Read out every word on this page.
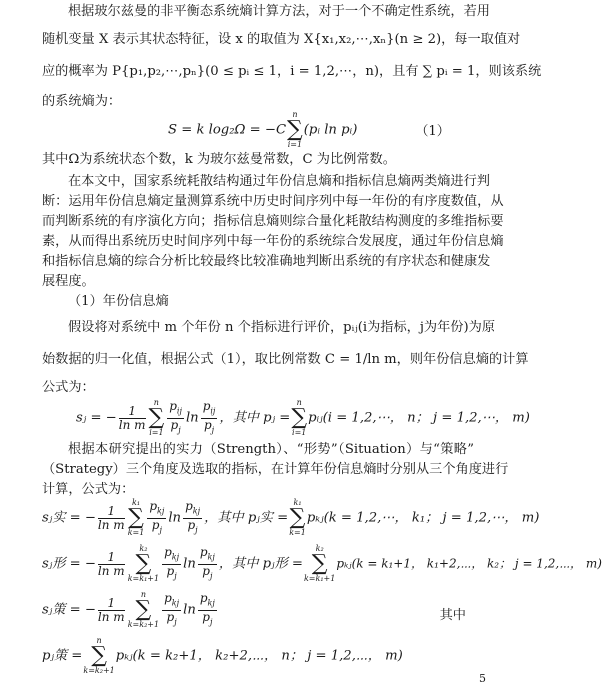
根据玻尔兹曼的非平衡态系统熵计算方法，对于一个不确定性系统，若用
随机变量 X 表示其状态特征，设 x 的取值为 X{x₁,x₂,⋯,xₙ}(n ≥ 2)，每一取值对
应的概率为 P{p₁,p₂,⋯,pₙ}(0 ≤ pᵢ ≤ 1，i = 1,2,⋯，n)，且有 ∑ pᵢ = 1，则该系统
的系统熵为：
S = k log₂Ω = −C
n
∑
i=1
(pᵢ ln pᵢ)	（1）
其中Ω为系统状态个数，k 为玻尔兹曼常数，C 为比例常数。
在本文中，国家系统耗散结构通过年份信息熵和指标信息熵两类熵进行判
断：运用年份信息熵定量测算系统中历史时间序列中每一年份的有序度数值，从
而判断系统的有序演化方向；指标信息熵则综合量化耗散结构测度的多维指标要
素，从而得出系统历史时间序列中每一年份的系统综合发展度，通过年份信息熵
和指标信息熵的综合分析比较最终比较准确地判断出系统的有序状态和健康发
展程度。
（1）年份信息熵
假设将对系统中 m 个年份 n 个指标进行评价，pᵢⱼ(i为指标，j为年份)为原
始数据的归一化值，根据公式（1），取比例常数 C = 1/ln m，则年份信息熵的计算
公式为：
sⱼ = − $\frac{1}{\text{ln m}}$
n
∑
$i=1 \frac{p_{ij}}{p_j}$ $\ln \frac{p_{ij}}{p_j}$ ，其中 pⱼ =
n
∑
i=1
pᵢⱼ(i = 1,2,⋯， n； j = 1,2,⋯， m)
根据本研究提出的实力（Strength）、“形势”（Situation）与“策略”
（Strategy）三个角度及选取的指标，在计算年份信息熵时分别从三个角度进行
计算，公式为：
sⱼ实 = − $\frac{1}{\text{ln m}}$
k₁
∑
$k=1 \frac{p_{kj}}{p_j}$ $\ln \frac{p_{kj}}{p_j}$ ，其中 pⱼ实 =
k₁
∑
k=1
pₖⱼ(k = 1,2,⋯， k₁； j = 1,2,⋯， m)
sⱼ形 = − $\frac{1}{\text{ln m}}$
k₂
∑
$k=k_1+1 \frac{p_{kj}}{p_j}$ $\ln \frac{p_{kj}}{p_j}$ ，其中 pⱼ形 =
k₂
∑
k=k₁+1
pₖⱼ(k = k₁+1， k₁+2,⋯， k₂； j = 1,2,⋯， m)
sⱼ策 = − $\frac{1}{\text{ln m}}$
n
∑
$k=k_2+1 \frac{p_{kj}}{p_j}$ $\ln \frac{p_{kj}}{p_j}$	其中
pⱼ策 =
n
∑
k=k₂+1
pₖⱼ(k = k₂+1， k₂+2,⋯， n； j = 1,2,⋯， m)
5
